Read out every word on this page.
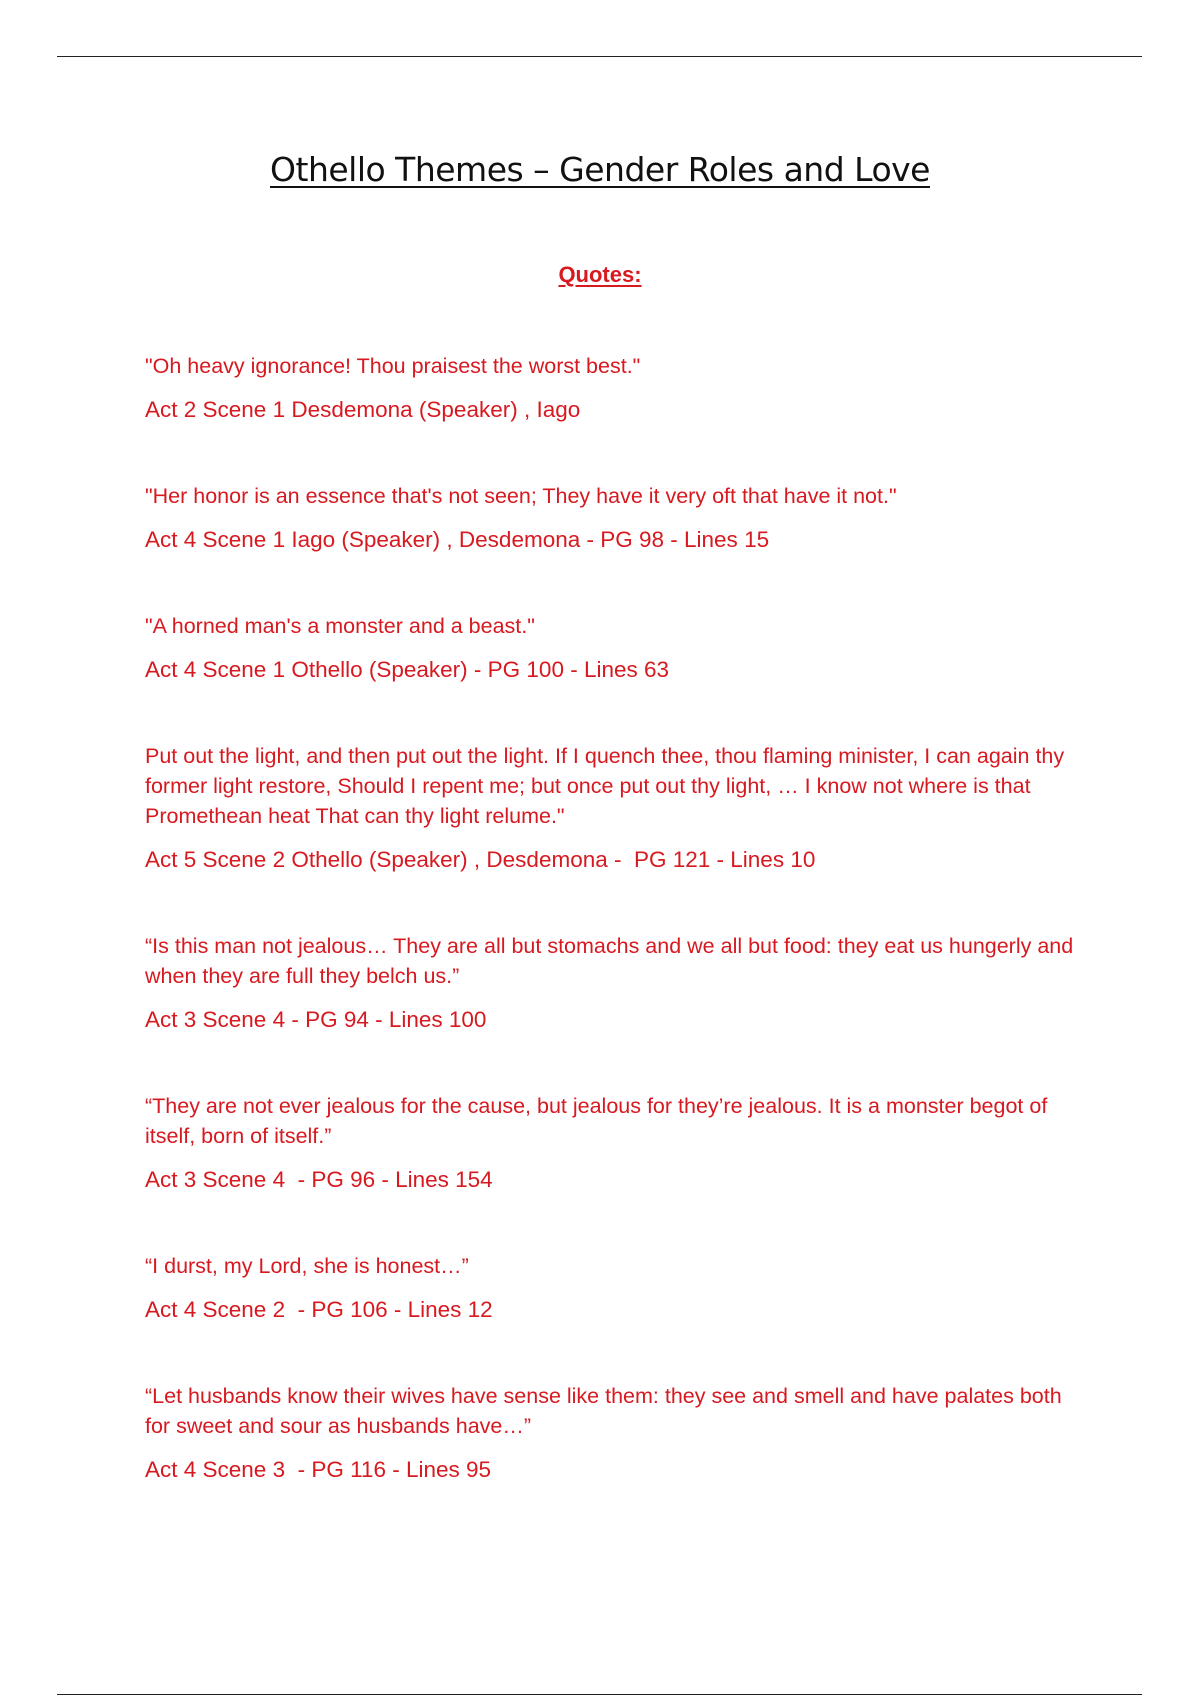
Othello Themes – Gender Roles and Love

Quotes:

"Oh heavy ignorance! Thou praisest the worst best."

Act 2 Scene 1 Desdemona (Speaker) , Iago

"Her honor is an essence that's not seen; They have it very oft that have it not."

Act 4 Scene 1 Iago (Speaker) , Desdemona - PG 98 - Lines 15

"A horned man's a monster and a beast."

Act 4 Scene 1 Othello (Speaker) - PG 100 - Lines 63

Put out the light, and then put out the light. If I quench thee, thou flaming minister, I can again thy former light restore, Should I repent me; but once put out thy light, … I know not where is that Promethean heat That can thy light relume."

Act 5 Scene 2 Othello (Speaker) , Desdemona -  PG 121 - Lines 10

“Is this man not jealous… They are all but stomachs and we all but food: they eat us hungerly and when they are full they belch us.”

Act 3 Scene 4 - PG 94 - Lines 100

“They are not ever jealous for the cause, but jealous for they’re jealous. It is a monster begot of itself, born of itself.”

Act 3 Scene 4  - PG 96 - Lines 154

“I durst, my Lord, she is honest…”

Act 4 Scene 2  - PG 106 - Lines 12

“Let husbands know their wives have sense like them: they see and smell and have palates both for sweet and sour as husbands have…”

Act 4 Scene 3  - PG 116 - Lines 95
